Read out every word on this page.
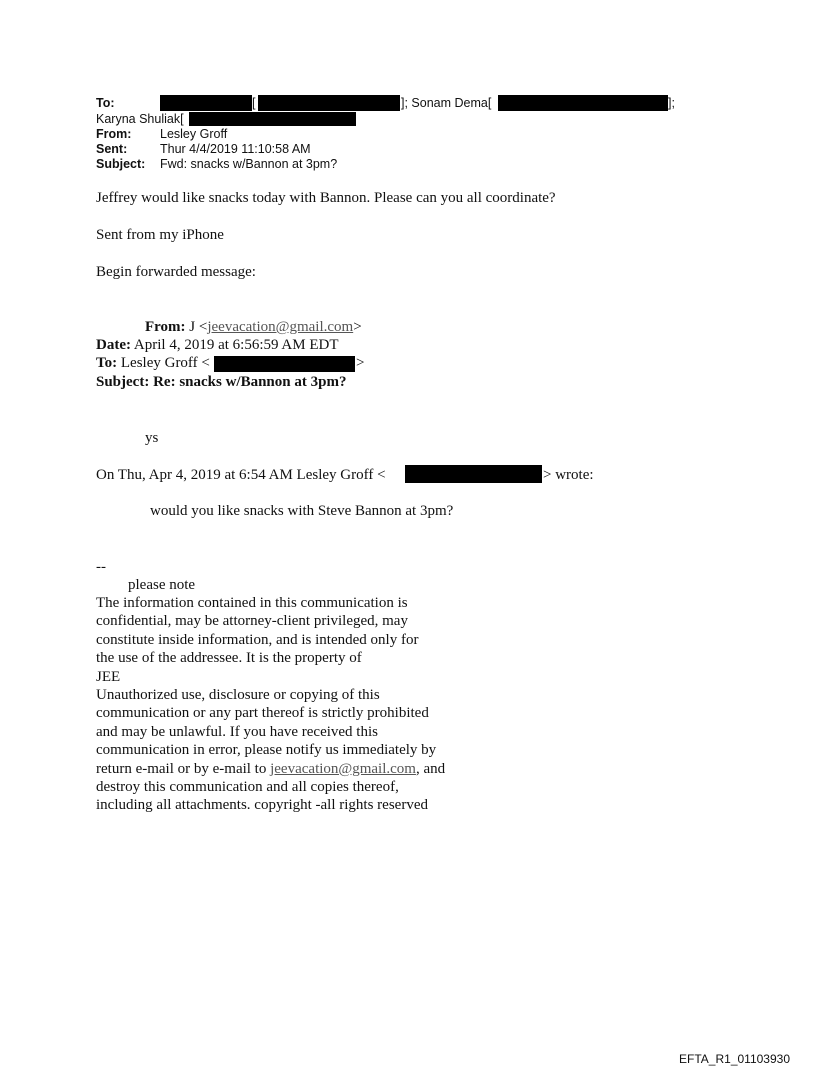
To:	[	]; Sonam Dema[	];
Karyna Shuliak[
From: Lesley Groff
Sent:	Thur 4/4/2019 11:10:58 AM
Subject: Fwd: snacks w/Bannon at 3pm?
Jeffrey would like snacks today with Bannon. Please can you all coordinate?
Sent from my iPhone
Begin forwarded message:
From: J <jeevacation@gmail.com>
Date: April 4, 2019 at 6:56:59 AM EDT
To: Lesley Groff <	>
Subject: Re: snacks w/Bannon at 3pm?
ys
On Thu, Apr 4, 2019 at 6:54 AM Lesley Groff <	> wrote:
would you like snacks with Steve Bannon at 3pm?
--
please note
The information contained in this communication is
confidential, may be attorney-client privileged, may
constitute inside information, and is intended only for
the use of the addressee. It is the property of
JEE
Unauthorized use, disclosure or copying of this
communication or any part thereof is strictly prohibited
and may be unlawful. If you have received this
communication in error, please notify us immediately by
return e-mail or by e-mail to jeevacation@gmail.com, and
destroy this communication and all copies thereof,
including all attachments. copyright -all rights reserved
EFTA_R1_01103930
